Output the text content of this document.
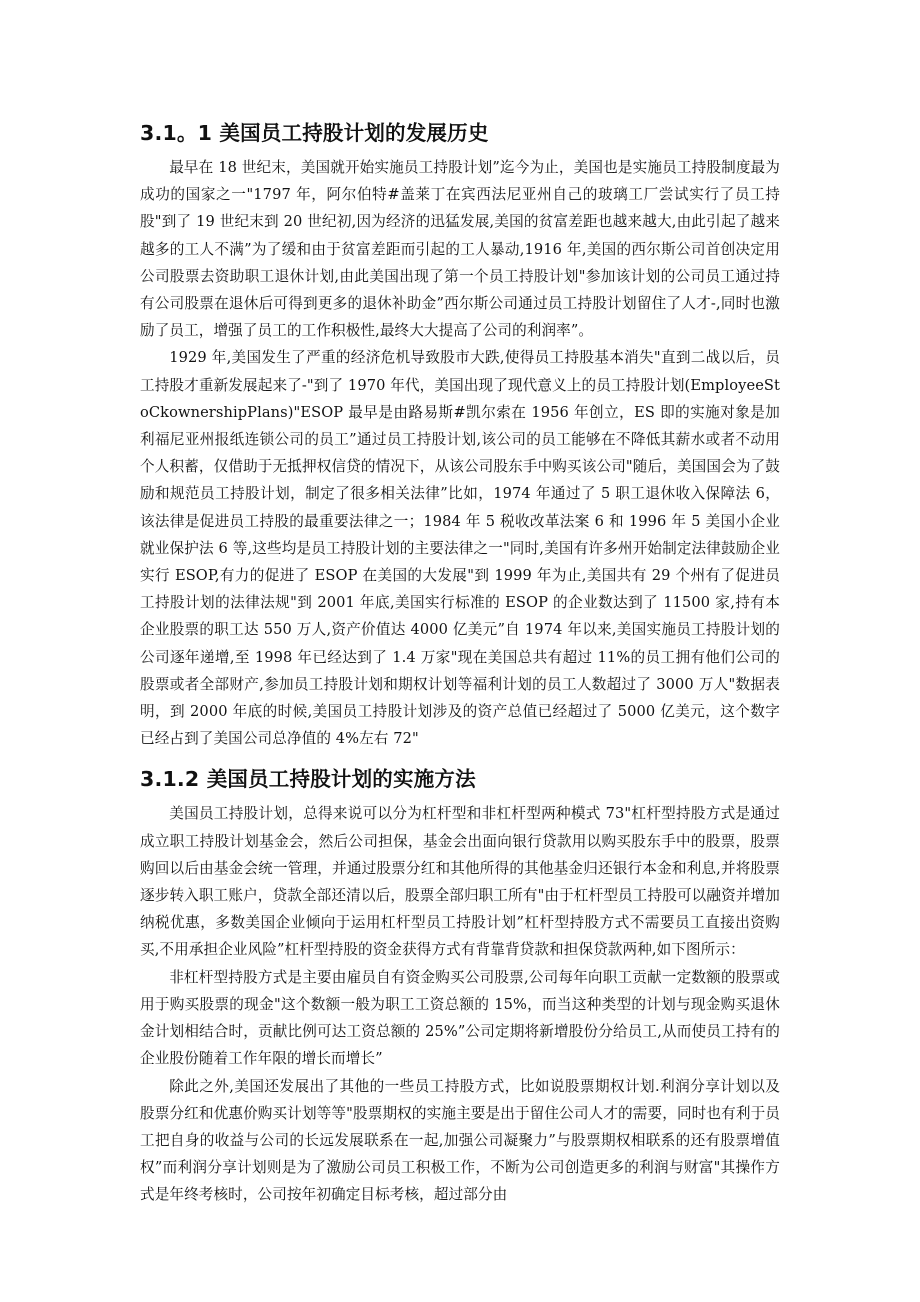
3.1。1 美国员工持股计划的发展历史

最早在 18 世纪末，美国就开始实施员工持股计划”迄今为止，美国也是实施员工持股制度最为成功的国家之一"1797 年，阿尔伯特#盖莱丁在宾西法尼亚州自己的玻璃工厂尝试实行了员工持股"到了 19 世纪末到 20 世纪初,因为经济的迅猛发展,美国的贫富差距也越来越大,由此引起了越来越多的工人不满”为了缓和由于贫富差距而引起的工人暴动,1916 年,美国的西尔斯公司首创决定用公司股票去资助职工退休计划,由此美国出现了第一个员工持股计划"参加该计划的公司员工通过持有公司股票在退休后可得到更多的退休补助金”西尔斯公司通过员工持股计划留住了人才-,同时也激励了员工，增强了员工的工作积极性,最终大大提高了公司的利润率”。

1929 年,美国发生了严重的经济危机导致股市大跌,使得员工持股基本消失"直到二战以后，员工持股才重新发展起来了-"到了 1970 年代，美国出现了现代意义上的员工持股计划(EmployeeStoCkownershipPlans)"ESOP 最早是由路易斯#凯尔索在 1956 年创立，ES 即的实施对象是加利福尼亚州报纸连锁公司的员工”通过员工持股计划,该公司的员工能够在不降低其薪水或者不动用个人积蓄，仅借助于无抵押权信贷的情况下，从该公司股东手中购买该公司"随后，美国国会为了鼓励和规范员工持股计划，制定了很多相关法律”比如，1974 年通过了 5 职工退休收入保障法 6，该法律是促进员工持股的最重要法律之一；1984 年 5 税收改革法案 6 和 1996 年 5 美国小企业就业保护法 6 等,这些均是员工持股计划的主要法律之一"同时,美国有许多州开始制定法律鼓励企业实行 ESOP,有力的促进了 ESOP 在美国的大发展"到 1999 年为止,美国共有 29 个州有了促进员工持股计划的法律法规"到 2001 年底,美国实行标准的 ESOP 的企业数达到了 11500 家,持有本企业股票的职工达 550 万人,资产价值达 4000 亿美元”自 1974 年以来,美国实施员工持股计划的公司逐年递增,至 1998 年已经达到了 1.4 万家"现在美国总共有超过 11%的员工拥有他们公司的股票或者全部财产,参加员工持股计划和期权计划等福利计划的员工人数超过了 3000 万人"数据表明，到 2000 年底的时候,美国员工持股计划涉及的资产总值已经超过了 5000 亿美元，这个数字已经占到了美国公司总净值的 4%左右 72"

3.1.2 美国员工持股计划的实施方法

美国员工持股计划，总得来说可以分为杠杆型和非杠杆型两种模式 73"杠杆型持股方式是通过成立职工持股计划基金会，然后公司担保，基金会出面向银行贷款用以购买股东手中的股票，股票购回以后由基金会统一管理，并通过股票分红和其他所得的其他基金归还银行本金和利息,并将股票逐步转入职工账户，贷款全部还清以后，股票全部归职工所有"由于杠杆型员工持股可以融资并增加纳税优惠，多数美国企业倾向于运用杠杆型员工持股计划”杠杆型持股方式不需要员工直接出资购买,不用承担企业风险”杠杆型持股的资金获得方式有背靠背贷款和担保贷款两种,如下图所示：

非杠杆型持股方式是主要由雇员自有资金购买公司股票,公司每年向职工贡献一定数额的股票或用于购买股票的现金"这个数额一般为职工工资总额的 15%，而当这种类型的计划与现金购买退休金计划相结合时，贡献比例可达工资总额的 25%”公司定期将新增股份分给员工,从而使员工持有的企业股份随着工作年限的增长而增长”

除此之外,美国还发展出了其他的一些员工持股方式，比如说股票期权计划.利润分享计划以及股票分红和优惠价购买计划等等"股票期权的实施主要是出于留住公司人才的需要，同时也有利于员工把自身的收益与公司的长远发展联系在一起,加强公司凝聚力”与股票期权相联系的还有股票增值权”而利润分享计划则是为了激励公司员工积极工作，不断为公司创造更多的利润与财富"其操作方式是年终考核时，公司按年初确定目标考核，超过部分由
